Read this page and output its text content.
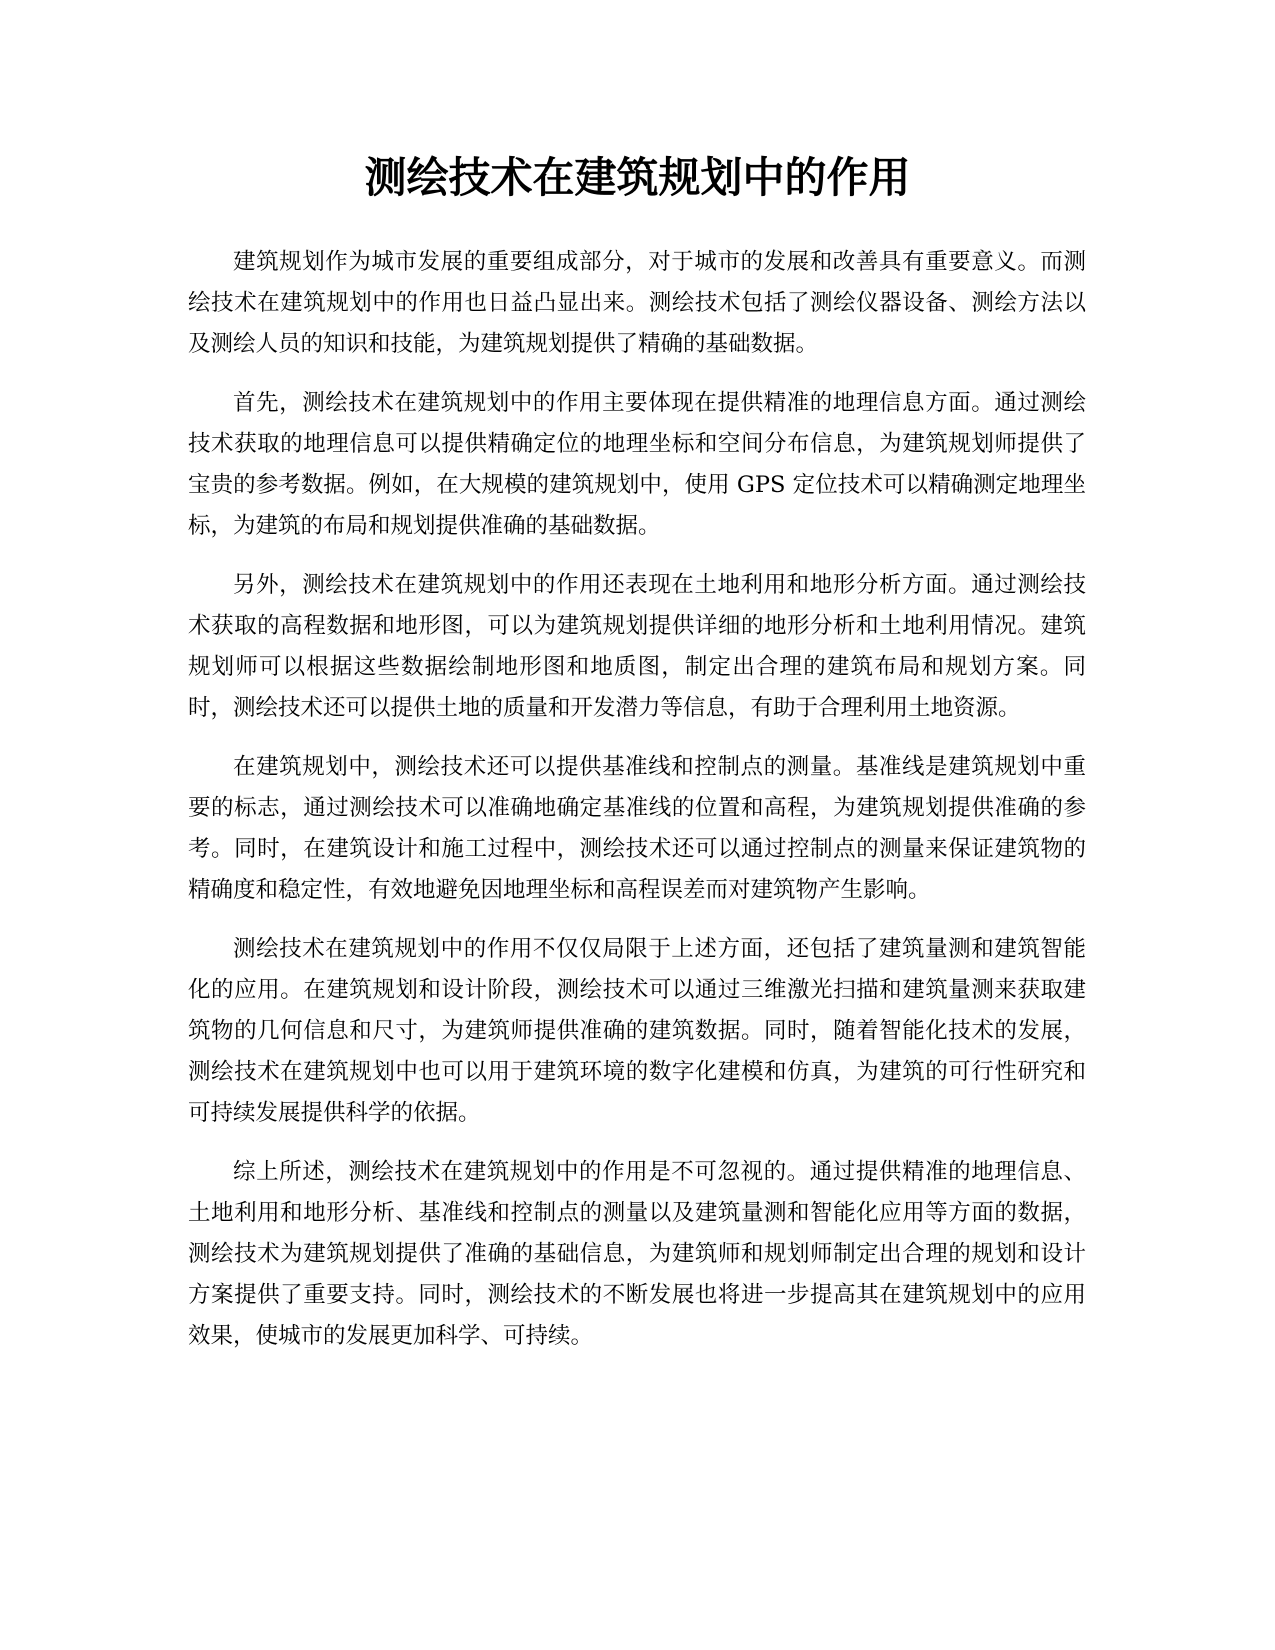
测绘技术在建筑规划中的作用

建筑规划作为城市发展的重要组成部分，对于城市的发展和改善具有重要意义。而测绘技术在建筑规划中的作用也日益凸显出来。测绘技术包括了测绘仪器设备、测绘方法以及测绘人员的知识和技能，为建筑规划提供了精确的基础数据。

首先，测绘技术在建筑规划中的作用主要体现在提供精准的地理信息方面。通过测绘技术获取的地理信息可以提供精确定位的地理坐标和空间分布信息，为建筑规划师提供了宝贵的参考数据。例如，在大规模的建筑规划中，使用 GPS 定位技术可以精确测定地理坐标，为建筑的布局和规划提供准确的基础数据。

另外，测绘技术在建筑规划中的作用还表现在土地利用和地形分析方面。通过测绘技术获取的高程数据和地形图，可以为建筑规划提供详细的地形分析和土地利用情况。建筑规划师可以根据这些数据绘制地形图和地质图，制定出合理的建筑布局和规划方案。同时，测绘技术还可以提供土地的质量和开发潜力等信息，有助于合理利用土地资源。

在建筑规划中，测绘技术还可以提供基准线和控制点的测量。基准线是建筑规划中重要的标志，通过测绘技术可以准确地确定基准线的位置和高程，为建筑规划提供准确的参考。同时，在建筑设计和施工过程中，测绘技术还可以通过控制点的测量来保证建筑物的精确度和稳定性，有效地避免因地理坐标和高程误差而对建筑物产生影响。

测绘技术在建筑规划中的作用不仅仅局限于上述方面，还包括了建筑量测和建筑智能化的应用。在建筑规划和设计阶段，测绘技术可以通过三维激光扫描和建筑量测来获取建筑物的几何信息和尺寸，为建筑师提供准确的建筑数据。同时，随着智能化技术的发展，测绘技术在建筑规划中也可以用于建筑环境的数字化建模和仿真，为建筑的可行性研究和可持续发展提供科学的依据。

综上所述，测绘技术在建筑规划中的作用是不可忽视的。通过提供精准的地理信息、土地利用和地形分析、基准线和控制点的测量以及建筑量测和智能化应用等方面的数据，测绘技术为建筑规划提供了准确的基础信息，为建筑师和规划师制定出合理的规划和设计方案提供了重要支持。同时，测绘技术的不断发展也将进一步提高其在建筑规划中的应用效果，使城市的发展更加科学、可持续。
